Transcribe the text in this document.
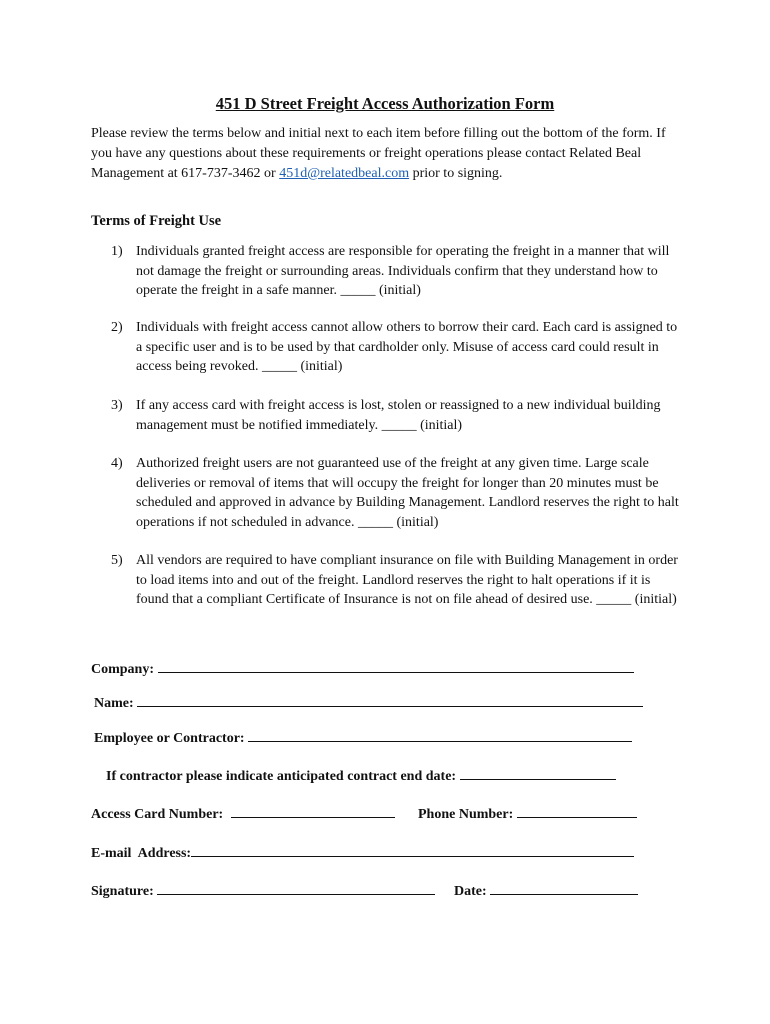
451 D Street Freight Access Authorization Form

Please review the terms below and initial next to each item before filling out the bottom of the form. If you have any questions about these requirements or freight operations please contact Related Beal Management at 617-737-3462 or 451d@relatedbeal.com prior to signing.

Terms of Freight Use

1) Individuals granted freight access are responsible for operating the freight in a manner that will not damage the freight or surrounding areas. Individuals confirm that they understand how to operate the freight in a safe manner. _____ (initial)
2) Individuals with freight access cannot allow others to borrow their card. Each card is assigned to a specific user and is to be used by that cardholder only. Misuse of access card could result in access being revoked. _____ (initial)
3) If any access card with freight access is lost, stolen or reassigned to a new individual building management must be notified immediately. _____ (initial)
4) Authorized freight users are not guaranteed use of the freight at any given time. Large scale deliveries or removal of items that will occupy the freight for longer than 20 minutes must be scheduled and approved in advance by Building Management. Landlord reserves the right to halt operations if not scheduled in advance. _____ (initial)
5) All vendors are required to have compliant insurance on file with Building Management in order to load items into and out of the freight. Landlord reserves the right to halt operations if it is found that a compliant Certificate of Insurance is not on file ahead of desired use. _____ (initial)
Company:
Name:
Employee or Contractor:
If contractor please indicate anticipated contract end date:
Access Card Number:	Phone Number:
E-mail  Address:
Signature:	Date:
